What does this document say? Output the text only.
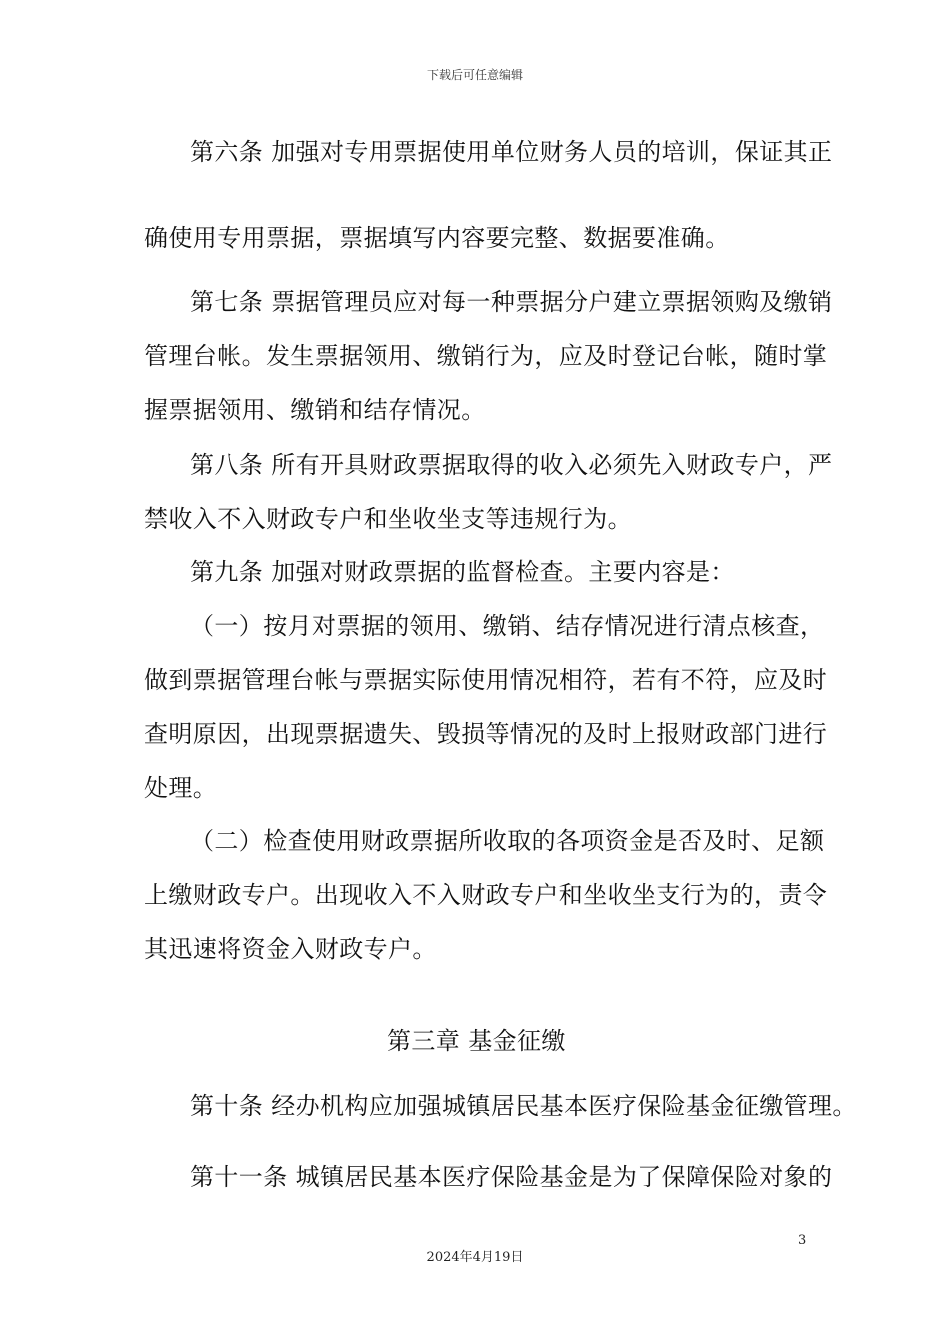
下载后可任意编辑
第六条 加强对专用票据使用单位财务人员的培训，保证其正
确使用专用票据，票据填写内容要完整、数据要准确。
第七条 票据管理员应对每一种票据分户建立票据领购及缴销
管理台帐。发生票据领用、缴销行为，应及时登记台帐，随时掌
握票据领用、缴销和结存情况。
第八条 所有开具财政票据取得的收入必须先入财政专户，严
禁收入不入财政专户和坐收坐支等违规行为。
第九条 加强对财政票据的监督检查。主要内容是：
（一）按月对票据的领用、缴销、结存情况进行清点核查，
做到票据管理台帐与票据实际使用情况相符，若有不符，应及时
查明原因，出现票据遗失、毁损等情况的及时上报财政部门进行
处理。
（二）检查使用财政票据所收取的各项资金是否及时、足额
上缴财政专户。出现收入不入财政专户和坐收坐支行为的，责令
其迅速将资金入财政专户。
第三章 基金征缴
第十条 经办机构应加强城镇居民基本医疗保险基金征缴管理。
第十一条 城镇居民基本医疗保险基金是为了保障保险对象的
3
2024年4月19日
